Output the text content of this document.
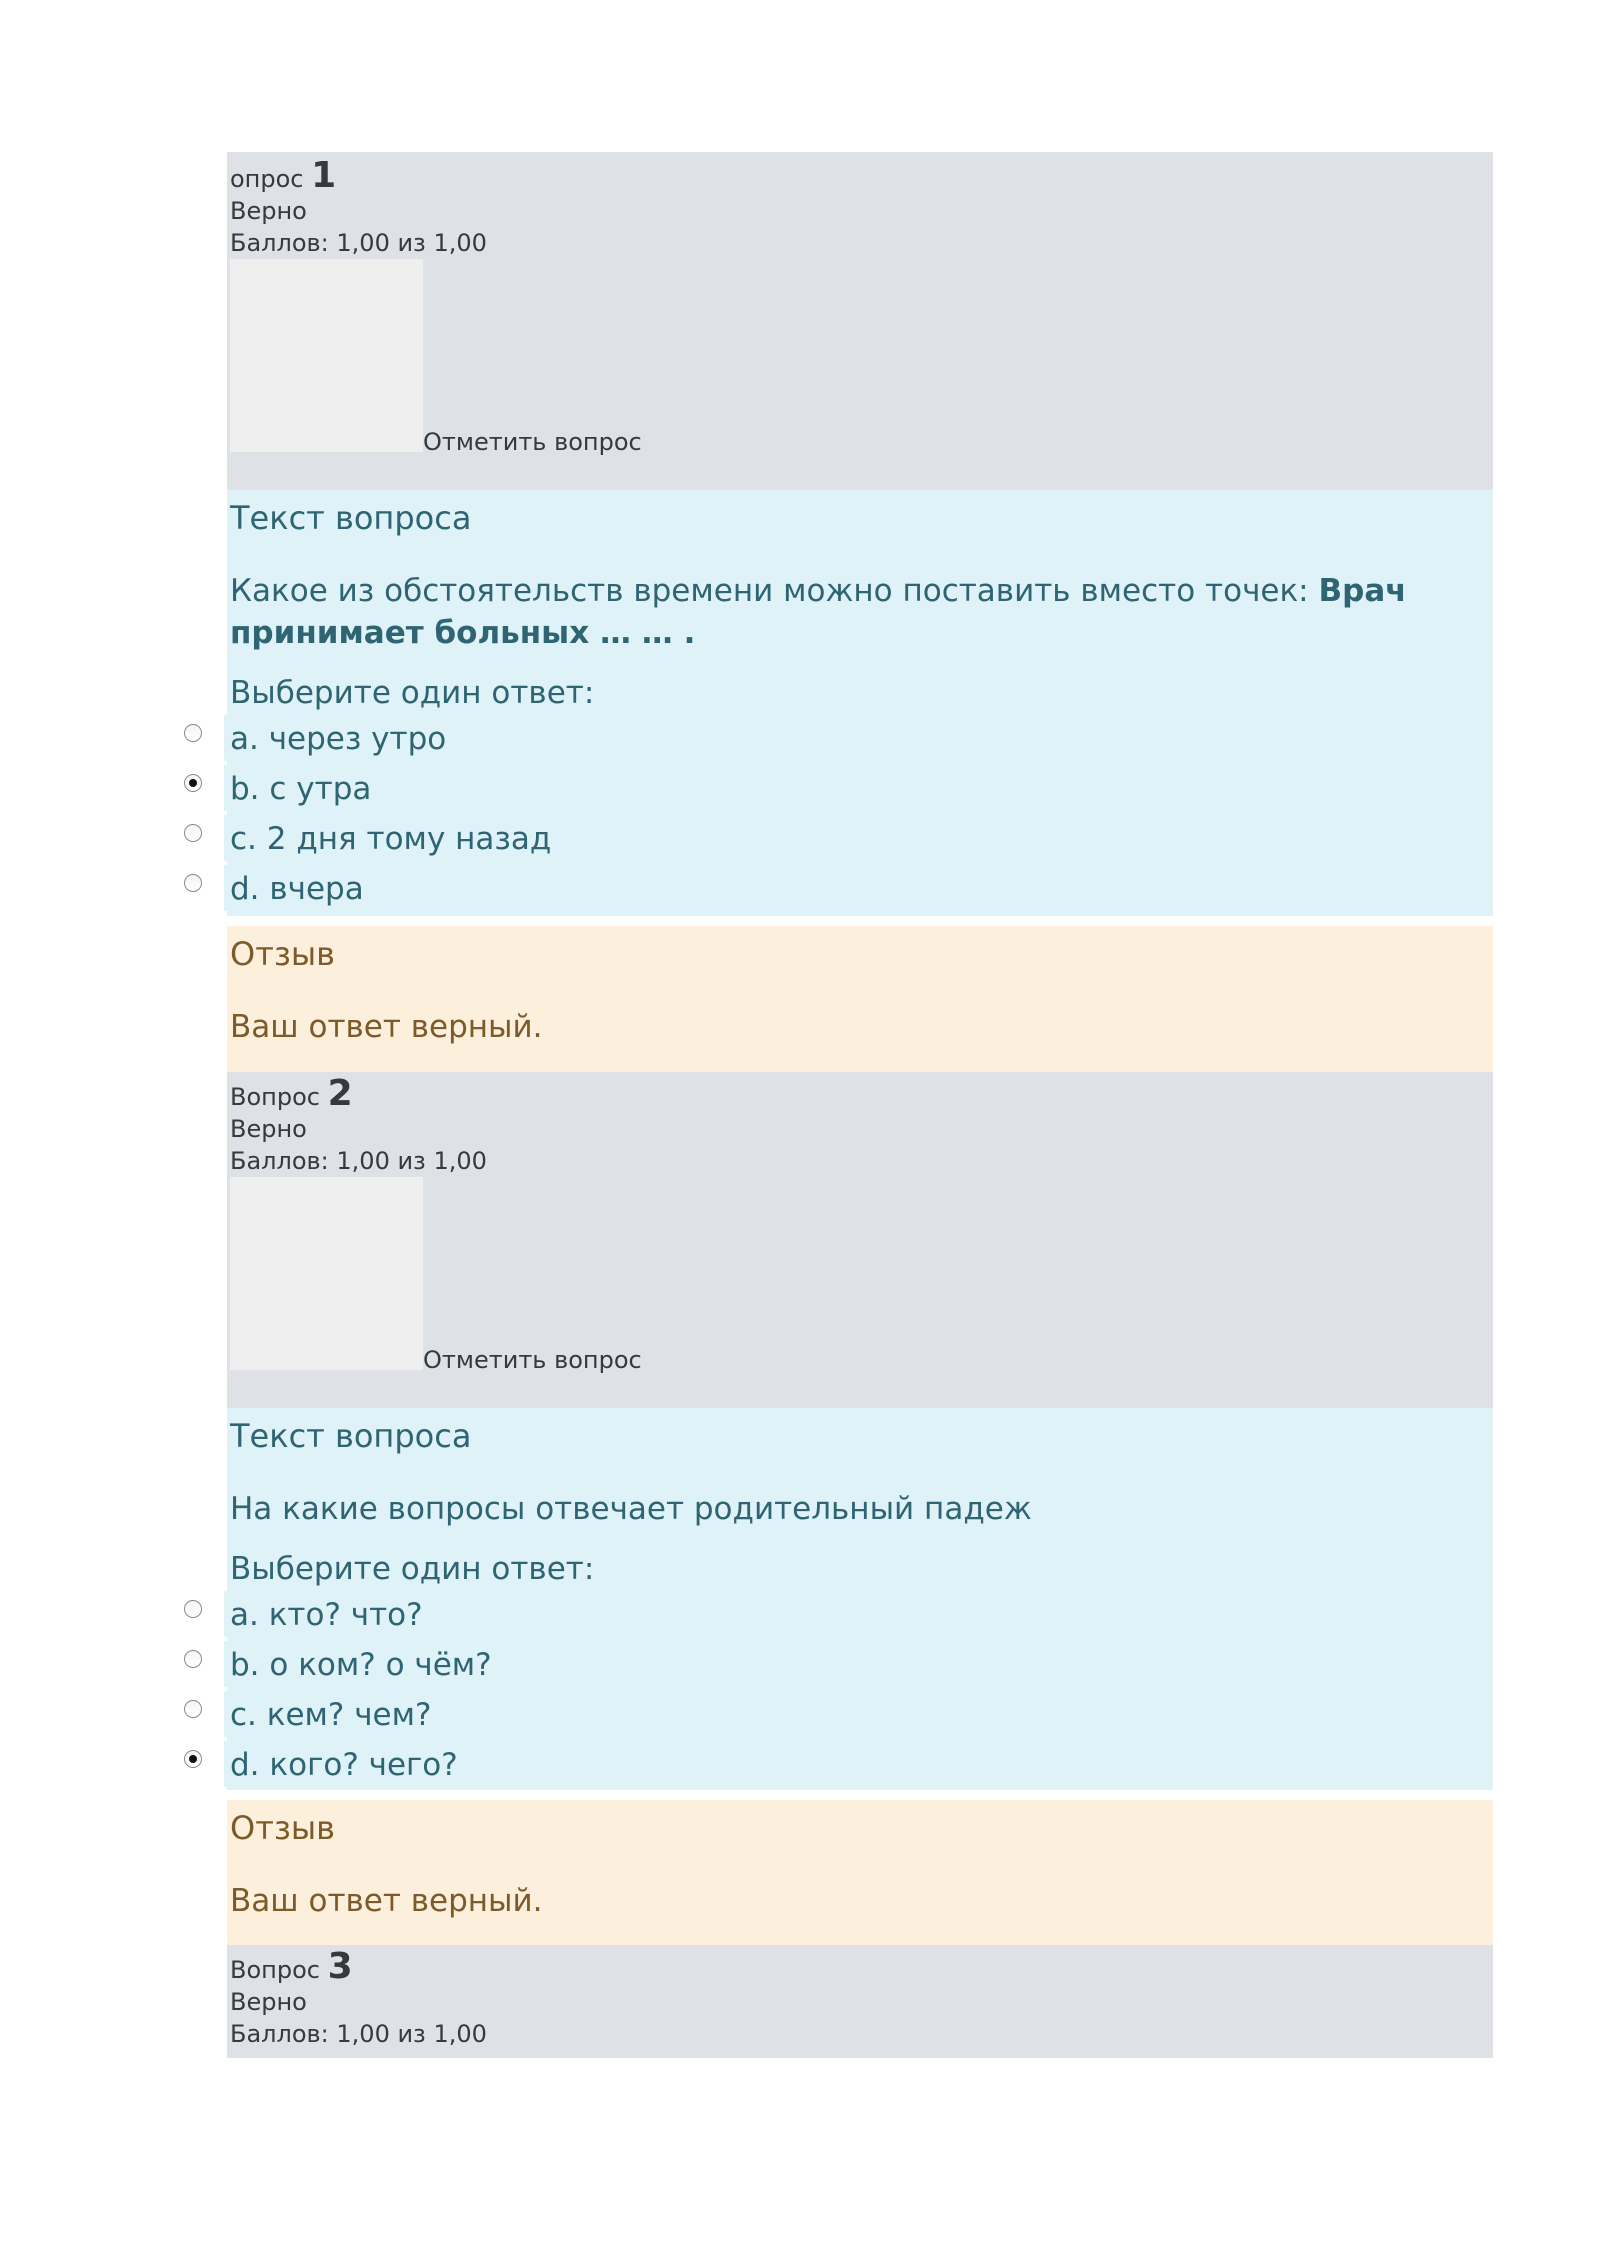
опрос 1
Верно
Баллов: 1,00 из 1,00
Отметить вопрос
Текст вопроса
Какое из обстоятельств времени можно поставить вместо точек: Врач принимает больных … … .
Выберите один ответ:
a. через утро
b. с утра
c. 2 дня тому назад
d. вчера
Отзыв
Ваш ответ верный.
Вопрос 2
Верно
Баллов: 1,00 из 1,00
Отметить вопрос
Текст вопроса
На какие вопросы отвечает родительный падеж
Выберите один ответ:
a. кто? что?
b. о ком? о чём?
c. кем? чем?
d. кого? чего?
Отзыв
Ваш ответ верный.
Вопрос 3
Верно
Баллов: 1,00 из 1,00
